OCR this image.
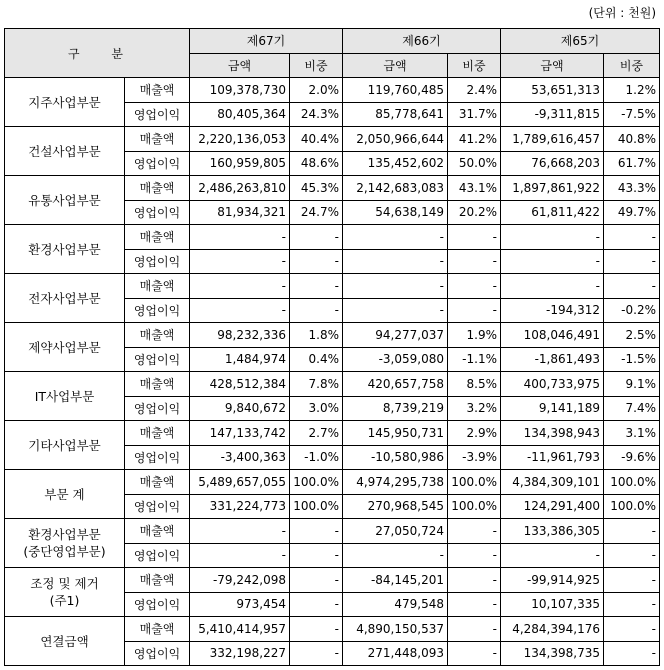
(단위 : 천원)
구 분		제67기		제66기		제65기	
		금액	비중	금액	비중	금액	비중
지주사업부문	매출액	109,378,730	2.0%	119,760,485	2.4%	53,651,313	1.2%
	영업이익	80,405,364	24.3%	85,778,641	31.7%	-9,311,815	-7.5%
건설사업부문	매출액	2,220,136,053	40.4%	2,050,966,644	41.2%	1,789,616,457	40.8%
	영업이익	160,959,805	48.6%	135,452,602	50.0%	76,668,203	61.7%
유통사업부문	매출액	2,486,263,810	45.3%	2,142,683,083	43.1%	1,897,861,922	43.3%
	영업이익	81,934,321	24.7%	54,638,149	20.2%	61,811,422	49.7%
환경사업부문	매출액	-	-	-	-	-	-
	영업이익	-	-	-	-	-	-
전자사업부문	매출액	-	-	-	-	-	-
	영업이익	-	-	-	-	-194,312	-0.2%
제약사업부문	매출액	98,232,336	1.8%	94,277,037	1.9%	108,046,491	2.5%
	영업이익	1,484,974	0.4%	-3,059,080	-1.1%	-1,861,493	-1.5%
IT사업부문	매출액	428,512,384	7.8%	420,657,758	8.5%	400,733,975	9.1%
	영업이익	9,840,672	3.0%	8,739,219	3.2%	9,141,189	7.4%
기타사업부문	매출액	147,133,742	2.7%	145,950,731	2.9%	134,398,943	3.1%
	영업이익	-3,400,363	-1.0%	-10,580,986	-3.9%	-11,961,793	-9.6%
부문 계	매출액	5,489,657,055	100.0%	4,974,295,738	100.0%	4,384,309,101	100.0%
	영업이익	331,224,773	100.0%	270,968,545	100.0%	124,291,400	100.0%
환경사업부문
(중단영업부문)	매출액	-	-	27,050,724	-	133,386,305	-
	영업이익	-	-	-	-	-	-
조정 및 제거
(주1)	매출액	-79,242,098	-	-84,145,201	-	-99,914,925	-
	영업이익	973,454	-	479,548	-	10,107,335	-
연결금액	매출액	5,410,414,957	-	4,890,150,537	-	4,284,394,176	-
	영업이익	332,198,227	-	271,448,093	-	134,398,735	-
